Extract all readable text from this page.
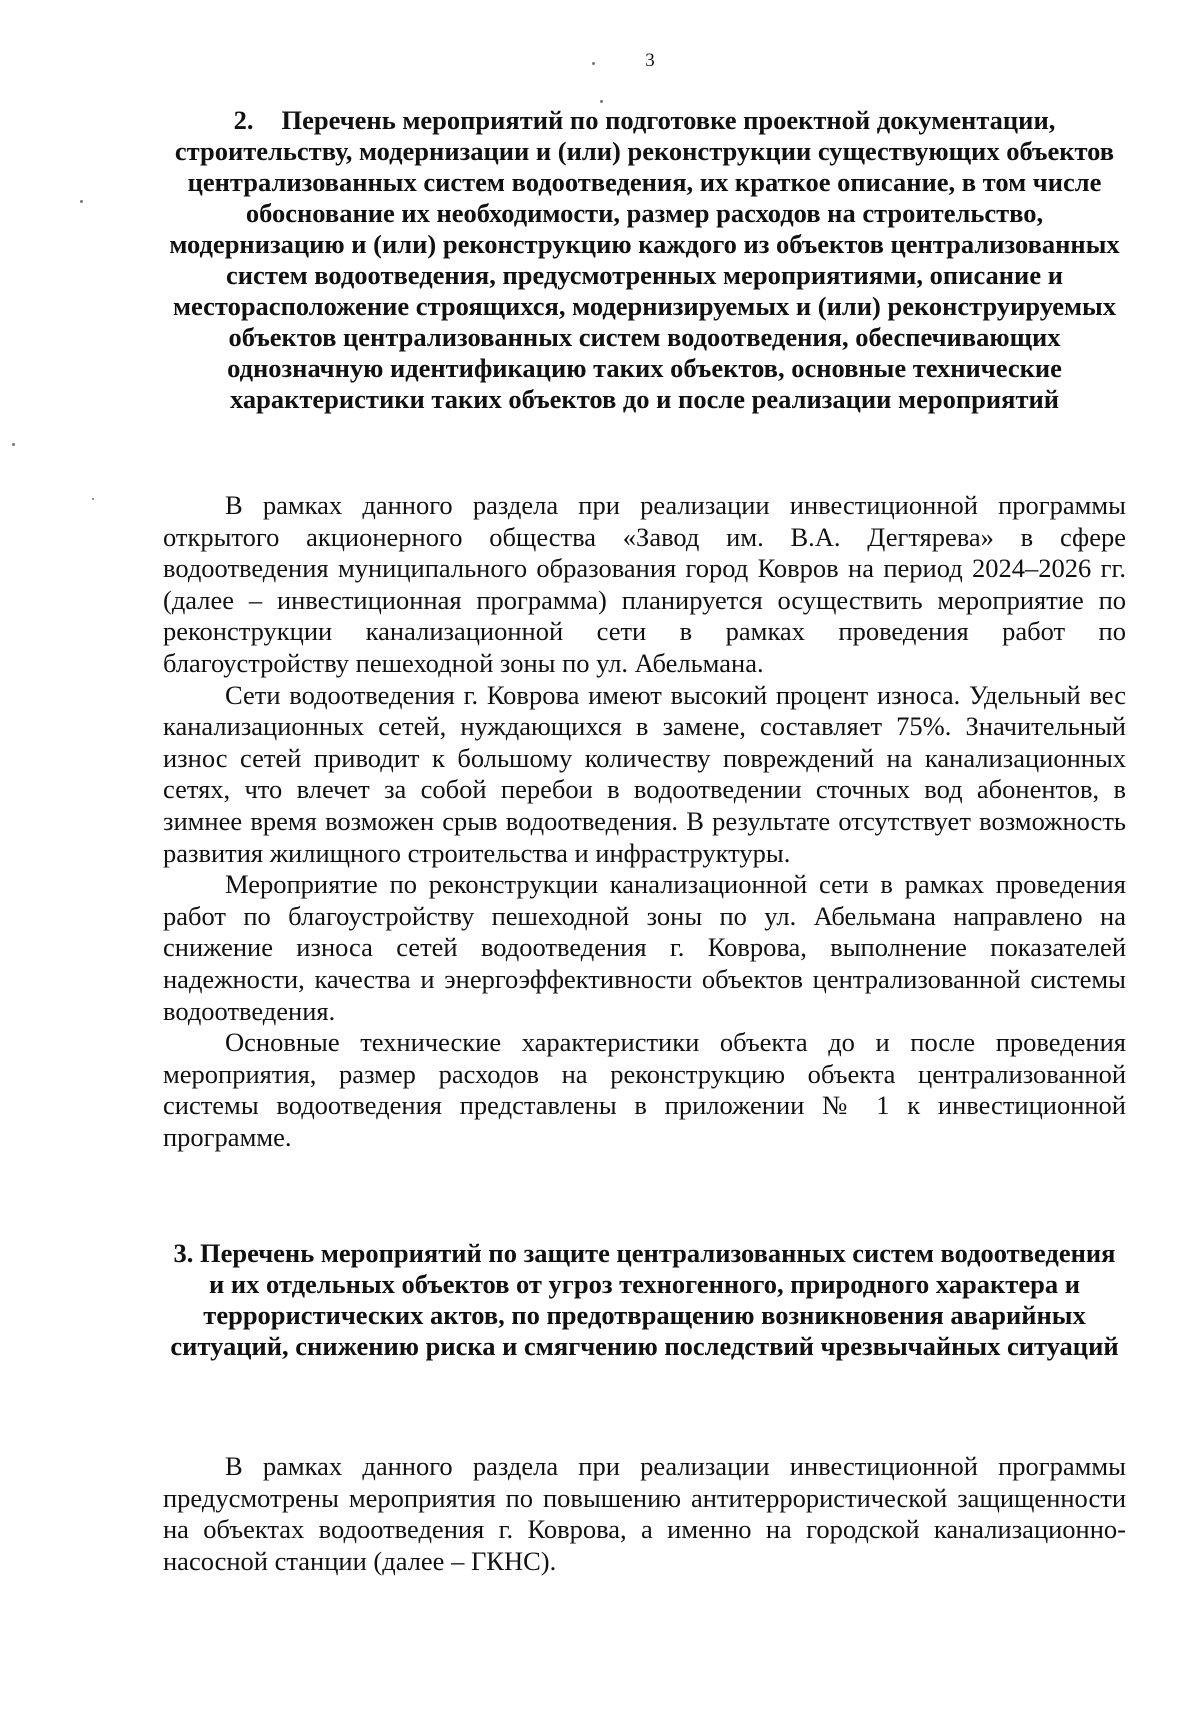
3

2. Перечень мероприятий по подготовке проектной документации, строительству, модернизации и (или) реконструкции существующих объектов централизованных систем водоотведения, их краткое описание, в том числе обоснование их необходимости, размер расходов на строительство, модернизацию и (или) реконструкцию каждого из объектов централизованных систем водоотведения, предусмотренных мероприятиями, описание и месторасположение строящихся, модернизируемых и (или) реконструируемых объектов централизованных систем водоотведения, обеспечивающих однозначную идентификацию таких объектов, основные технические характеристики таких объектов до и после реализации мероприятий

В рамках данного раздела при реализации инвестиционной программы открытого акционерного общества «Завод им. В.А. Дегтярева» в сфере водоотведения муниципального образования город Ковров на период 2024–2026 гг. (далее – инвестиционная программа) планируется осуществить мероприятие по реконструкции канализационной сети в рамках проведения работ по благоустройству пешеходной зоны по ул. Абельмана.

Сети водоотведения г. Коврова имеют высокий процент износа. Удельный вес канализационных сетей, нуждающихся в замене, составляет 75%. Значительный износ сетей приводит к большому количеству повреждений на канализационных сетях, что влечет за собой перебои в водоотведении сточных вод абонентов, в зимнее время возможен срыв водоотведения. В результате отсутствует возможность развития жилищного строительства и инфраструктуры.

Мероприятие по реконструкции канализационной сети в рамках проведения работ по благоустройству пешеходной зоны по ул. Абельмана направлено на снижение износа сетей водоотведения г. Коврова, выполнение показателей надежности, качества и энергоэффективности объектов централизованной системы водоотведения.

Основные технические характеристики объекта до и после проведения мероприятия, размер расходов на реконструкцию объекта централизованной системы водоотведения представлены в приложении № 1 к инвестиционной программе.

3. Перечень мероприятий по защите централизованных систем водоотведения и их отдельных объектов от угроз техногенного, природного характера и террористических актов, по предотвращению возникновения аварийных ситуаций, снижению риска и смягчению последствий чрезвычайных ситуаций

В рамках данного раздела при реализации инвестиционной программы предусмотрены мероприятия по повышению антитеррористической защищенности на объектах водоотведения г. Коврова, а именно на городской канализационно-насосной станции (далее – ГКНС).
